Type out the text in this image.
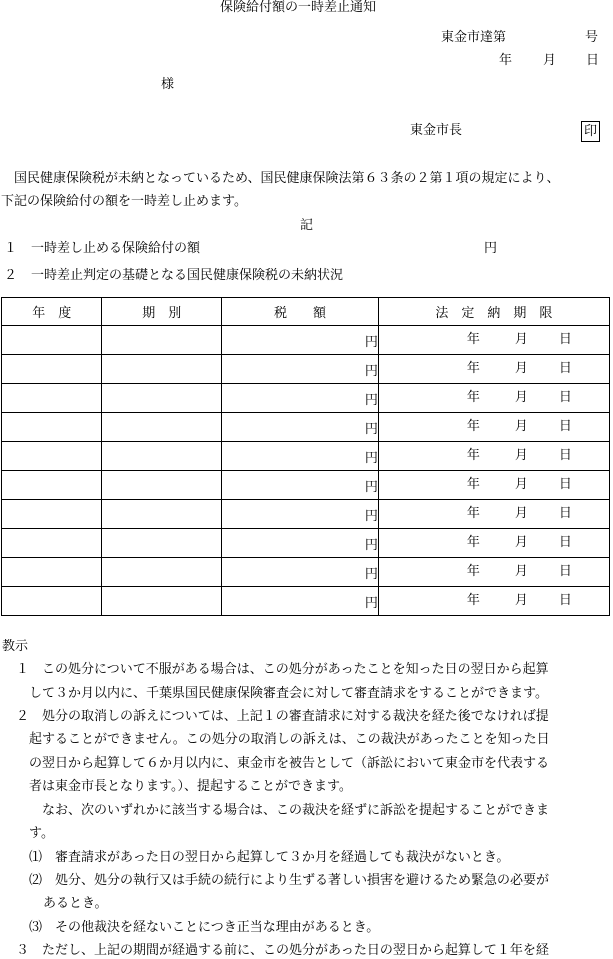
保険給付額の一時差止通知
東金市達第	号
年 月 日
様
東金市長	印
国民健康保険税が未納となっているため、国民健康保険法第６３条の２第１項の規定により、
下記の保険給付の額を一時差し止めます。
記
１ 一時差し止める保険給付の額	円
２ 一時差止判定の基礎となる国民健康保険税の未納状況
年　度	期　別	税　　額	法　定　納　期　限
		円	年 月 日

		円	年 月 日

		円	年 月 日

		円	年 月 日

		円	年 月 日

		円	年 月 日

		円	年 月 日

		円	年 月 日

		円	年 月 日

		円	年 月 日
教示
１　この処分について不服がある場合は、この処分があったことを知った日の翌日から起算
して３か月以内に、千葉県国民健康保険審査会に対して審査請求をすることができます。
２　処分の取消しの訴えについては、上記１の審査請求に対する裁決を経た後でなければ提
起することができません。この処分の取消しの訴えは、この裁決があったことを知った日
の翌日から起算して６か月以内に、東金市を被告として（訴訟において東金市を代表する
者は東金市長となります。）、提起することができます。
なお、次のいずれかに該当する場合は、この裁決を経ずに訴訟を提起することができま
す。
⑴　審査請求があった日の翌日から起算して３か月を経過しても裁決がないとき。
⑵　処分、処分の執行又は手続の続行により生ずる著しい損害を避けるため緊急の必要が
あるとき。
⑶　その他裁決を経ないことにつき正当な理由があるとき。
３　ただし、上記の期間が経過する前に、この処分があった日の翌日から起算して１年を経
